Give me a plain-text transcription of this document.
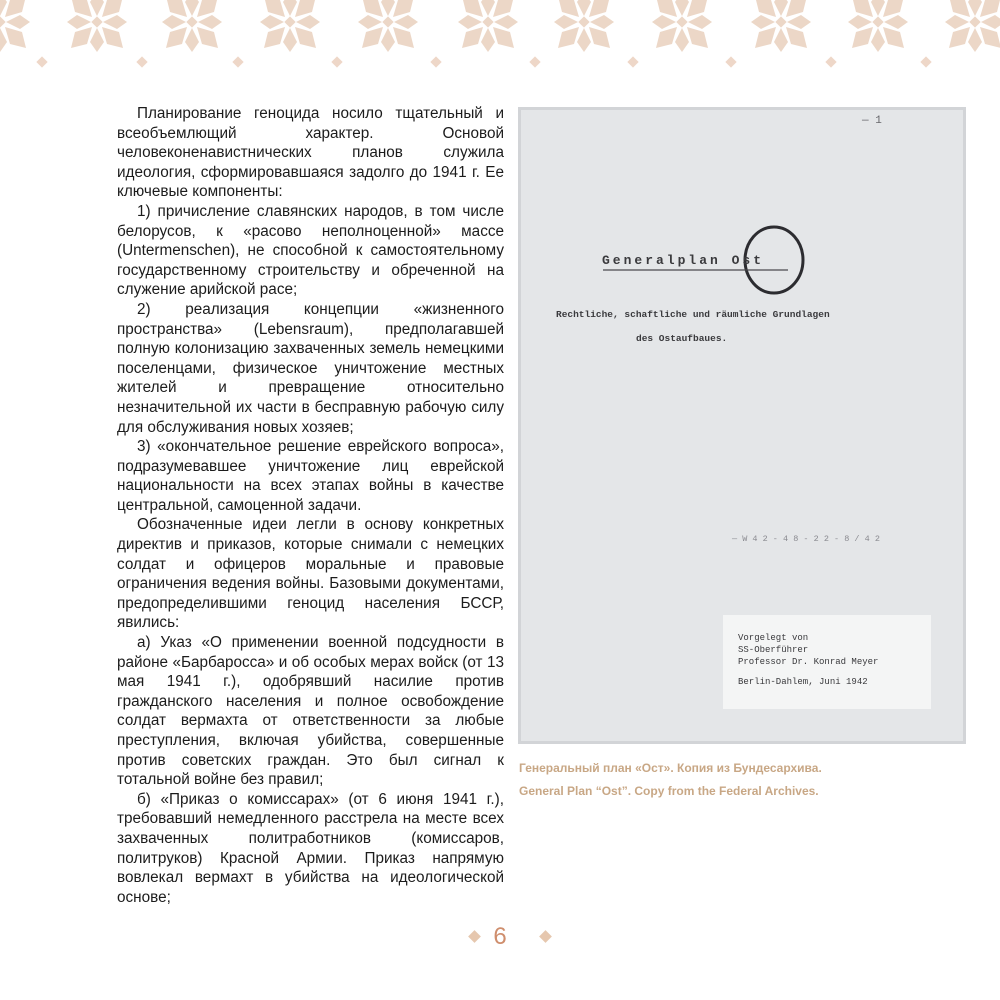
Планирование геноцида носило тщательный и всеобъемлющий характер. Основой человеконенавистнических планов служила идеология, сформировавшаяся задолго до 1941 г. Ее ключевые компоненты:

1) причисление славянских народов, в том числе белорусов, к «расово неполноценной» массе (Untermenschen), не способной к самостоятельному государственному строительству и обреченной на служение арийской расе;

2) реализация концепции «жизненного пространства» (Lebensraum), предполагавшей полную колонизацию захваченных земель немецкими поселенцами, физическое уничтожение местных жителей и превращение относительно незначительной их части в бесправную рабочую силу для обслуживания новых хозяев;

3) «окончательное решение еврейского вопроса», подразумевавшее уничтожение лиц еврейской национальности на всех этапах войны в качестве центральной, самоценной задачи.

Обозначенные идеи легли в основу конкретных директив и приказов, которые снимали с немецких солдат и офицеров моральные и правовые ограничения ведения войны. Базовыми документами, предопределившими геноцид населения БССР, явились:

а) Указ «О применении военной подсудности в районе «Барбаросса» и об особых мерах войск (от 13 мая 1941 г.), одобрявший насилие против гражданского населения и полное освобождение солдат вермахта от ответственности за любые преступления, включая убийства, совершенные против советских граждан. Это был сигнал к тотальной войне без правил;

б) «Приказ о комиссарах» (от 6 июня 1941 г.), требовавший немедленного расстрела на месте всех захваченных политработников (комиссаров, политруков) Красной Армии. Приказ напрямую вовлекал вермахт в убийства на идеологической основе;

— 1
Generalplan Ost
Rechtliche, schaftliche und räumliche Grundlagen
des Ostaufbaues.
— W 4 2 - 4 8 - 2 2 - 8 / 4 2
Vorgelegt von
SS-Oberführer
Professor Dr. Konrad Meyer
Berlin-Dahlem, Juni 1942
Генеральный план «Ост». Копия из Бундесархива.
General Plan “Ost”. Copy from the Federal Archives.
6
